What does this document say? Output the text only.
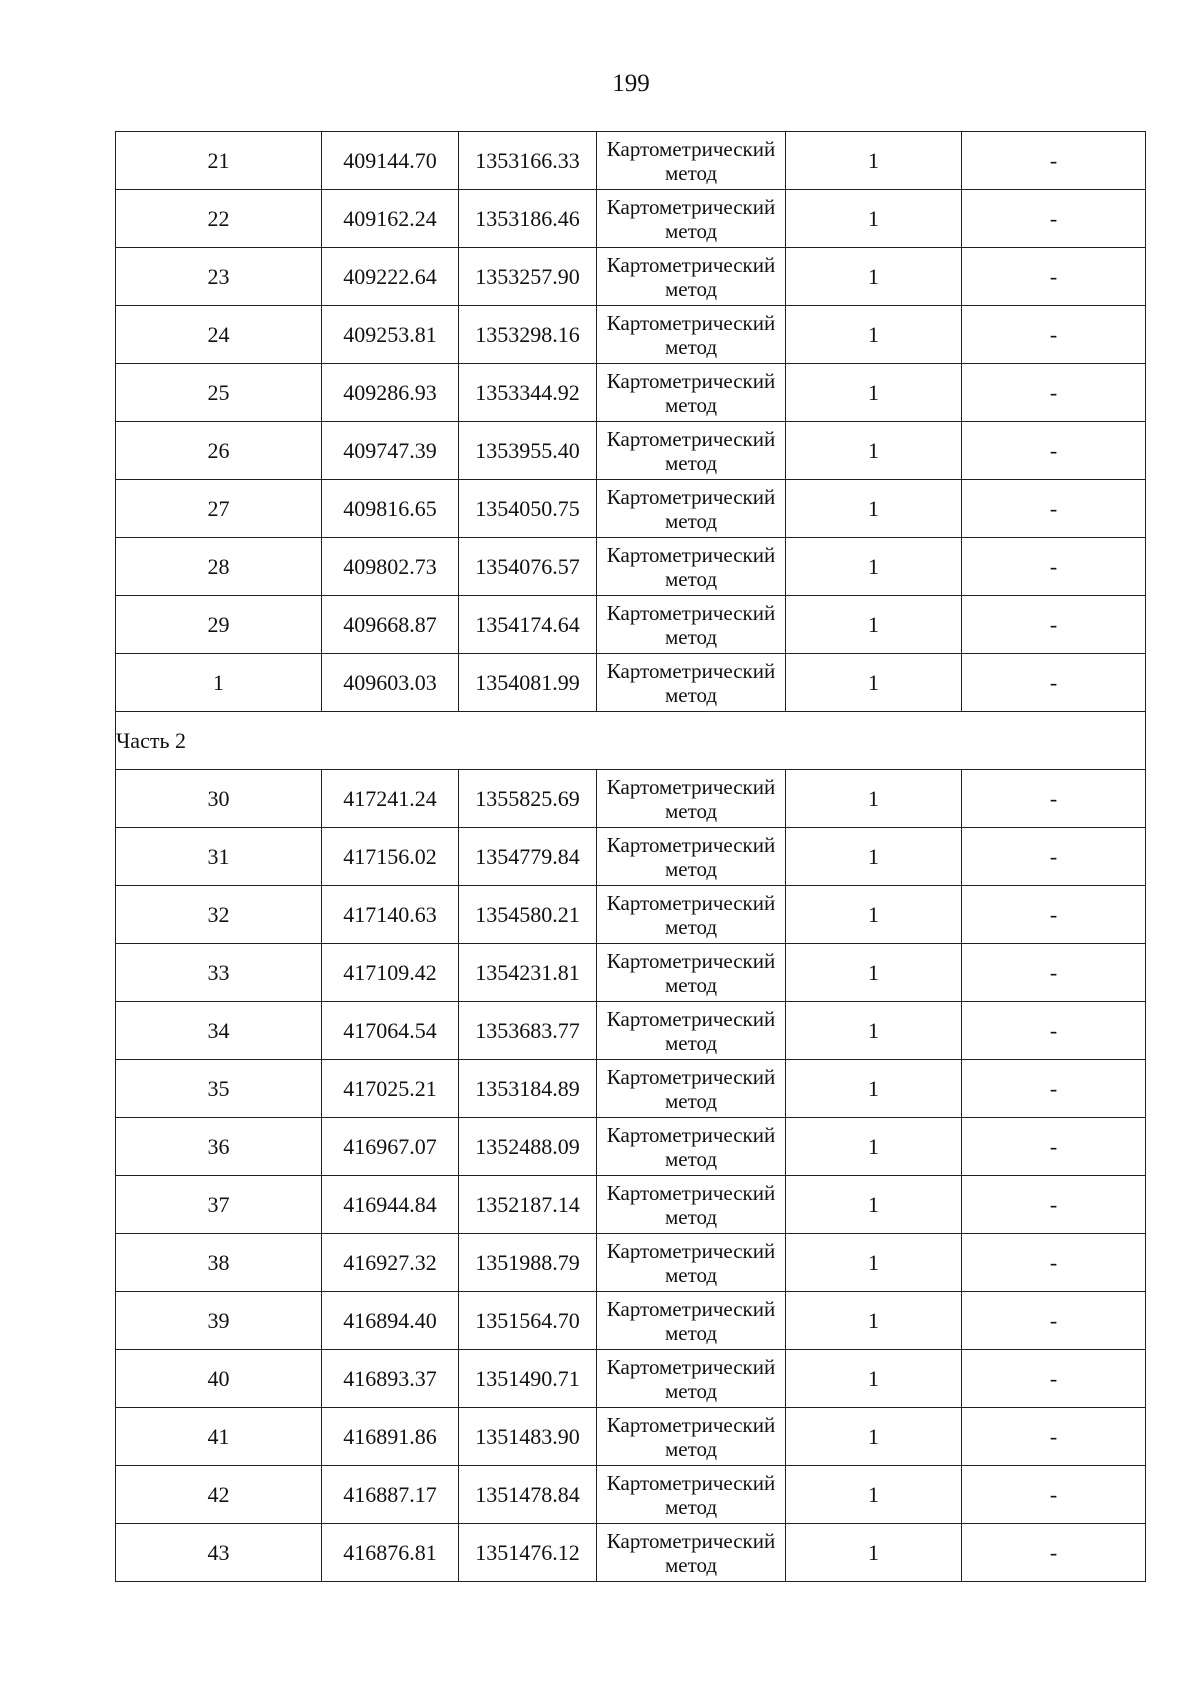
199
21	409144.70	1353166.33	Картометрический метод	1	-
22	409162.24	1353186.46	Картометрический метод	1	-
23	409222.64	1353257.90	Картометрический метод	1	-
24	409253.81	1353298.16	Картометрический метод	1	-
25	409286.93	1353344.92	Картометрический метод	1	-
26	409747.39	1353955.40	Картометрический метод	1	-
27	409816.65	1354050.75	Картометрический метод	1	-
28	409802.73	1354076.57	Картометрический метод	1	-
29	409668.87	1354174.64	Картометрический метод	1	-
1	409603.03	1354081.99	Картометрический метод	1	-
Часть 2					
30	417241.24	1355825.69	Картометрический метод	1	-
31	417156.02	1354779.84	Картометрический метод	1	-
32	417140.63	1354580.21	Картометрический метод	1	-
33	417109.42	1354231.81	Картометрический метод	1	-
34	417064.54	1353683.77	Картометрический метод	1	-
35	417025.21	1353184.89	Картометрический метод	1	-
36	416967.07	1352488.09	Картометрический метод	1	-
37	416944.84	1352187.14	Картометрический метод	1	-
38	416927.32	1351988.79	Картометрический метод	1	-
39	416894.40	1351564.70	Картометрический метод	1	-
40	416893.37	1351490.71	Картометрический метод	1	-
41	416891.86	1351483.90	Картометрический метод	1	-
42	416887.17	1351478.84	Картометрический метод	1	-
43	416876.81	1351476.12	Картометрический метод	1	-
